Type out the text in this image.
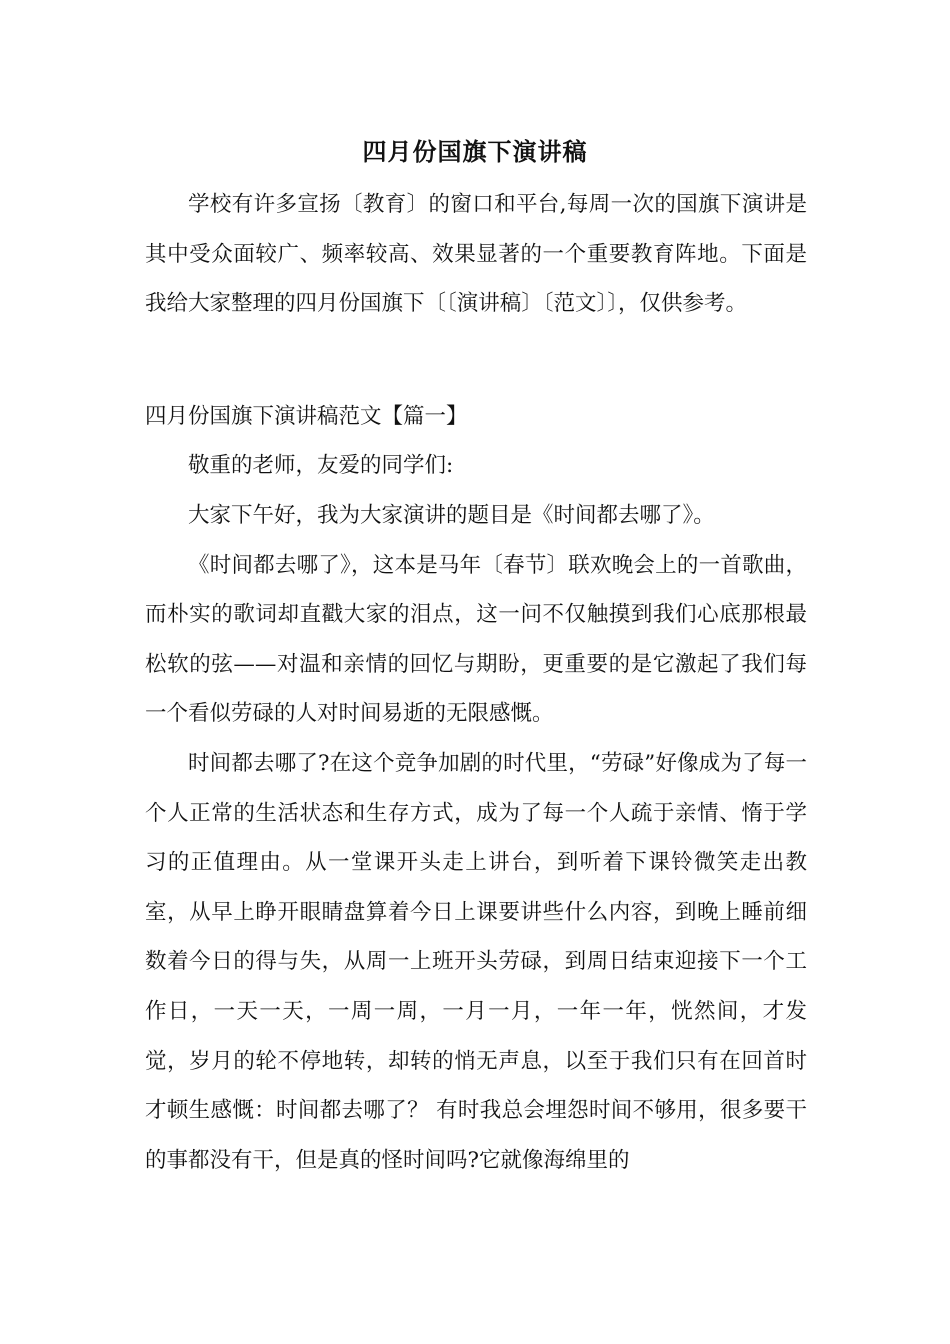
四月份国旗下演讲稿

学校有许多宣扬〔教育〕的窗口和平台,每周一次的国旗下演讲是其中受众面较广、频率较高、效果显著的一个重要教育阵地。下面是我给大家整理的四月份国旗下〔〔演讲稿〕〔范文〕〕，仅供参考。

四月份国旗下演讲稿范文【篇一】

敬重的老师，友爱的同学们:

大家下午好，我为大家演讲的题目是《时间都去哪了》。

《时间都去哪了》，这本是马年〔春节〕联欢晚会上的一首歌曲，而朴实的歌词却直戳大家的泪点，这一问不仅触摸到我们心底那根最松软的弦——对温和亲情的回忆与期盼，更重要的是它激起了我们每一个看似劳碌的人对时间易逝的无限感慨。

时间都去哪了?在这个竞争加剧的时代里，“劳碌”好像成为了每一个人正常的生活状态和生存方式，成为了每一个人疏于亲情、惰于学习的正值理由。从一堂课开头走上讲台，到听着下课铃微笑走出教室，从早上睁开眼睛盘算着今日上课要讲些什么内容，到晚上睡前细数着今日的得与失，从周一上班开头劳碌，到周日结束迎接下一个工作日，一天一天，一周一周，一月一月，一年一年，恍然间，才发觉，岁月的轮不停地转，却转的悄无声息，以至于我们只有在回首时才顿生感慨：时间都去哪了？ 有时我总会埋怨时间不够用，很多要干的事都没有干，但是真的怪时间吗?它就像海绵里的
